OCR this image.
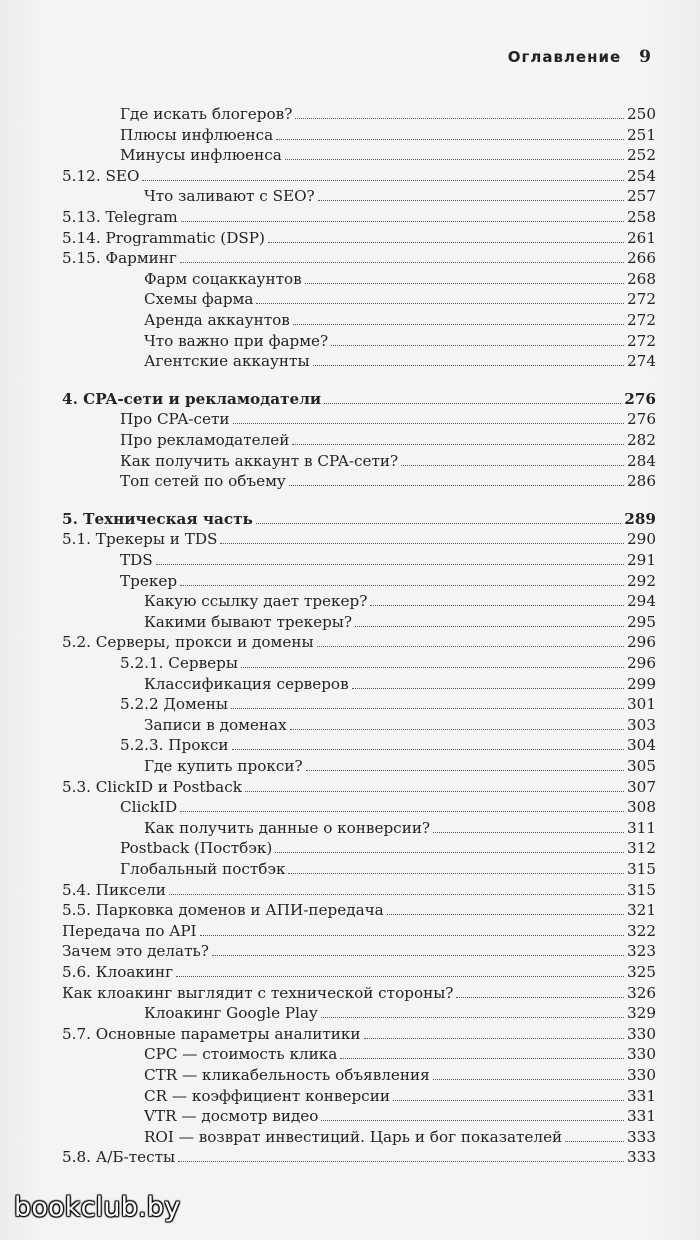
Оглавление 9
Где искать блогеров?	250
Плюсы инфлюенса	251
Минусы инфлюенса	252
5.12. SEO	254
Что заливают с SEO?	257
5.13. Telegram	258
5.14. Programmatic (DSP)	261
5.15. Фарминг	266
Фарм соцаккаунтов	268
Схемы фарма	272
Аренда аккаунтов	272
Что важно при фарме?	272
Агентские аккаунты	274
4. CPA-сети и рекламодатели	276
Про CPA-сети	276
Про рекламодателей	282
Как получить аккаунт в CPA-сети?	284
Топ сетей по объему	286
5. Техническая часть	289
5.1. Трекеры и TDS	290
TDS	291
Трекер	292
Какую ссылку дает трекер?	294
Какими бывают трекеры?	295
5.2. Серверы, прокси и домены	296
5.2.1. Серверы	296
Классификация серверов	299
5.2.2 Домены	301
Записи в доменах	303
5.2.3. Прокси	304
Где купить прокси?	305
5.3. ClickID и Postback	307
ClickID	308
Как получить данные о конверсии?	311
Postback (Постбэк)	312
Глобальный постбэк	315
5.4. Пиксели	315
5.5. Парковка доменов и АПИ-передача	321
Передача по API	322
Зачем это делать?	323
5.6. Клоакинг	325
Как клоакинг выглядит с технической стороны?	326
Клоакинг Google Play	329
5.7. Основные параметры аналитики	330
CPC — стоимость клика	330
CTR — кликабельность объявления	330
CR — коэффициент конверсии	331
VTR — досмотр видео	331
ROI — возврат инвестиций. Царь и бог показателей	333
5.8. А/Б-тесты	333
bookclub.by
